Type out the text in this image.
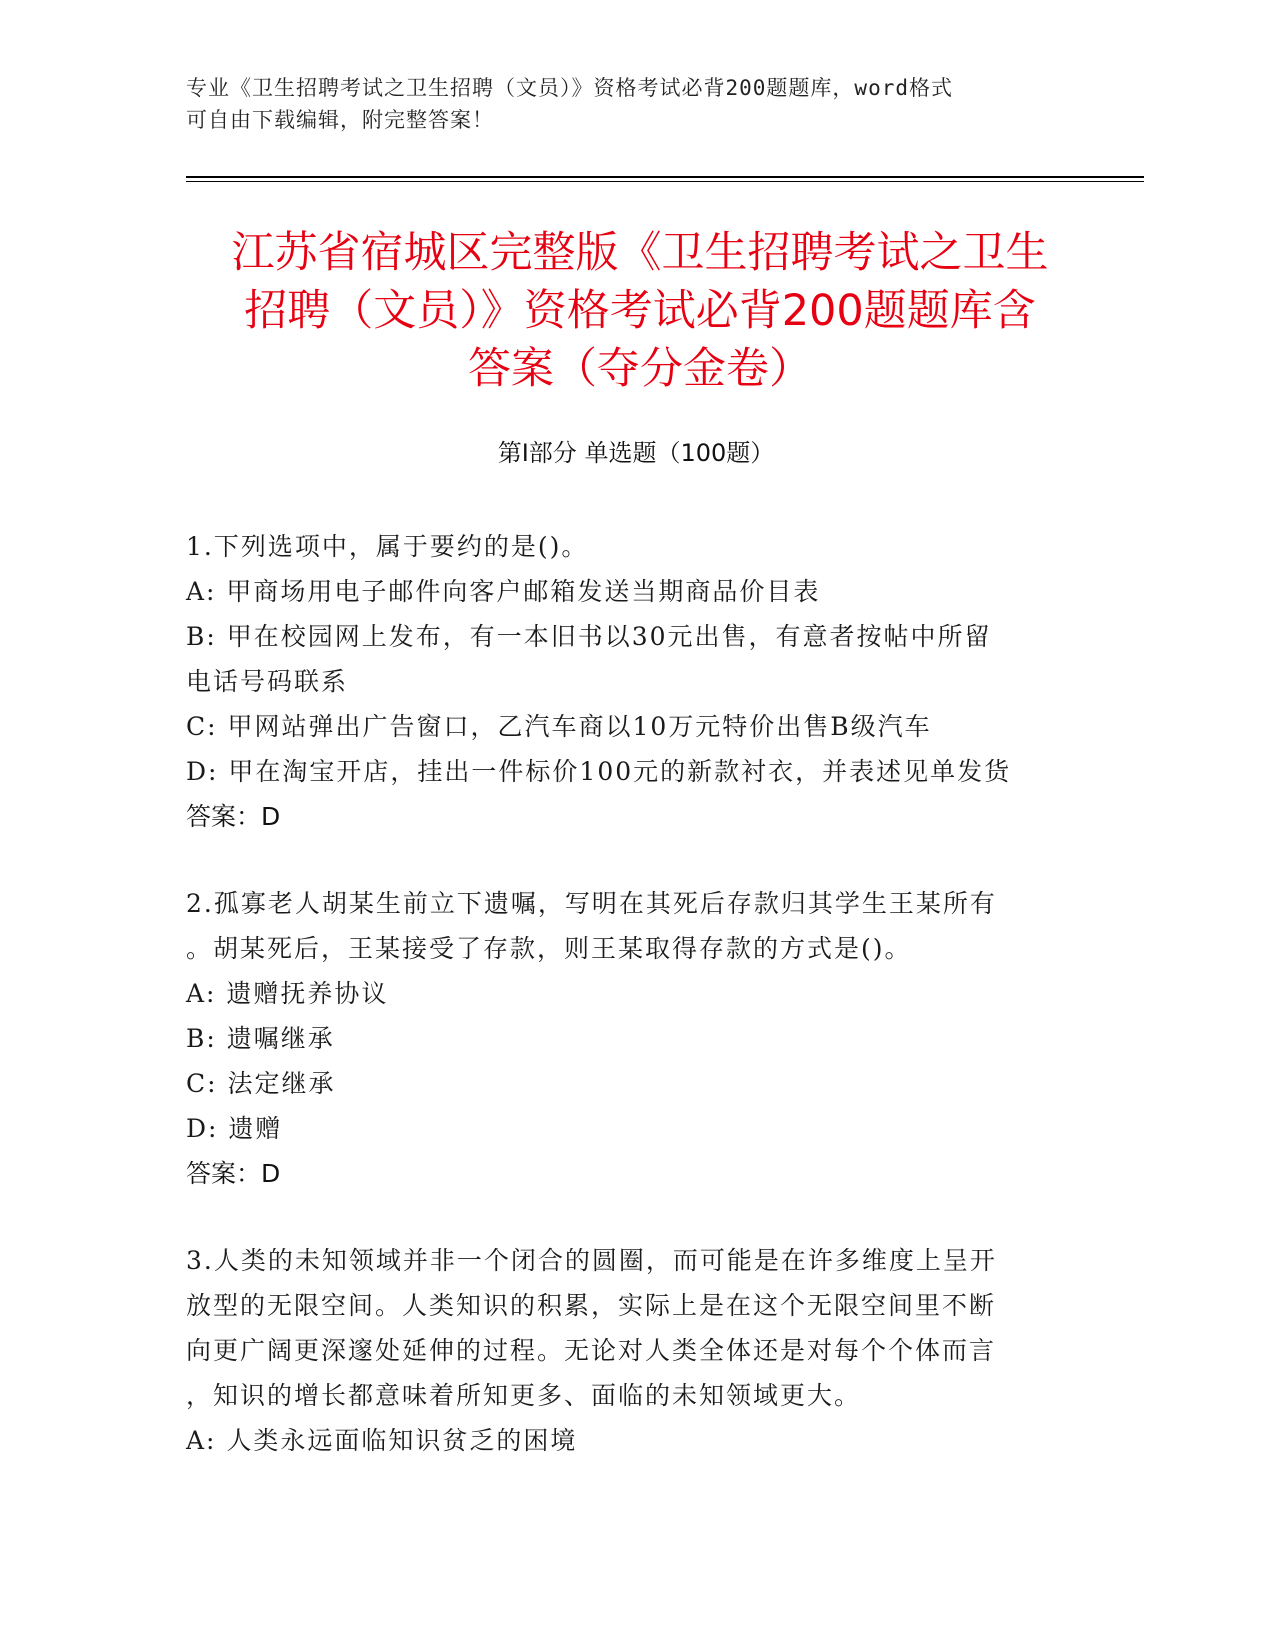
专业《卫生招聘考试之卫生招聘（文员）》资格考试必背200题题库，word格式
可自由下载编辑，附完整答案！
江苏省宿城区完整版《卫生招聘考试之卫生
招聘（文员）》资格考试必背200题题库含
答案（夺分金卷）
第I部分 单选题（100题）
1.下列选项中，属于要约的是()。
A: 甲商场用电子邮件向客户邮箱发送当期商品价目表
B: 甲在校园网上发布，有一本旧书以30元出售，有意者按帖中所留
电话号码联系
C: 甲网站弹出广告窗口，乙汽车商以10万元特价出售B级汽车
D: 甲在淘宝开店，挂出一件标价100元的新款衬衣，并表述见单发货
答案：D
2.孤寡老人胡某生前立下遗嘱，写明在其死后存款归其学生王某所有
。胡某死后，王某接受了存款，则王某取得存款的方式是()。
A: 遗赠抚养协议
B: 遗嘱继承
C: 法定继承
D: 遗赠
答案：D
3.人类的未知领域并非一个闭合的圆圈，而可能是在许多维度上呈开
放型的无限空间。人类知识的积累，实际上是在这个无限空间里不断
向更广阔更深邃处延伸的过程。无论对人类全体还是对每个个体而言
，知识的增长都意味着所知更多、面临的未知领域更大。
A: 人类永远面临知识贫乏的困境
